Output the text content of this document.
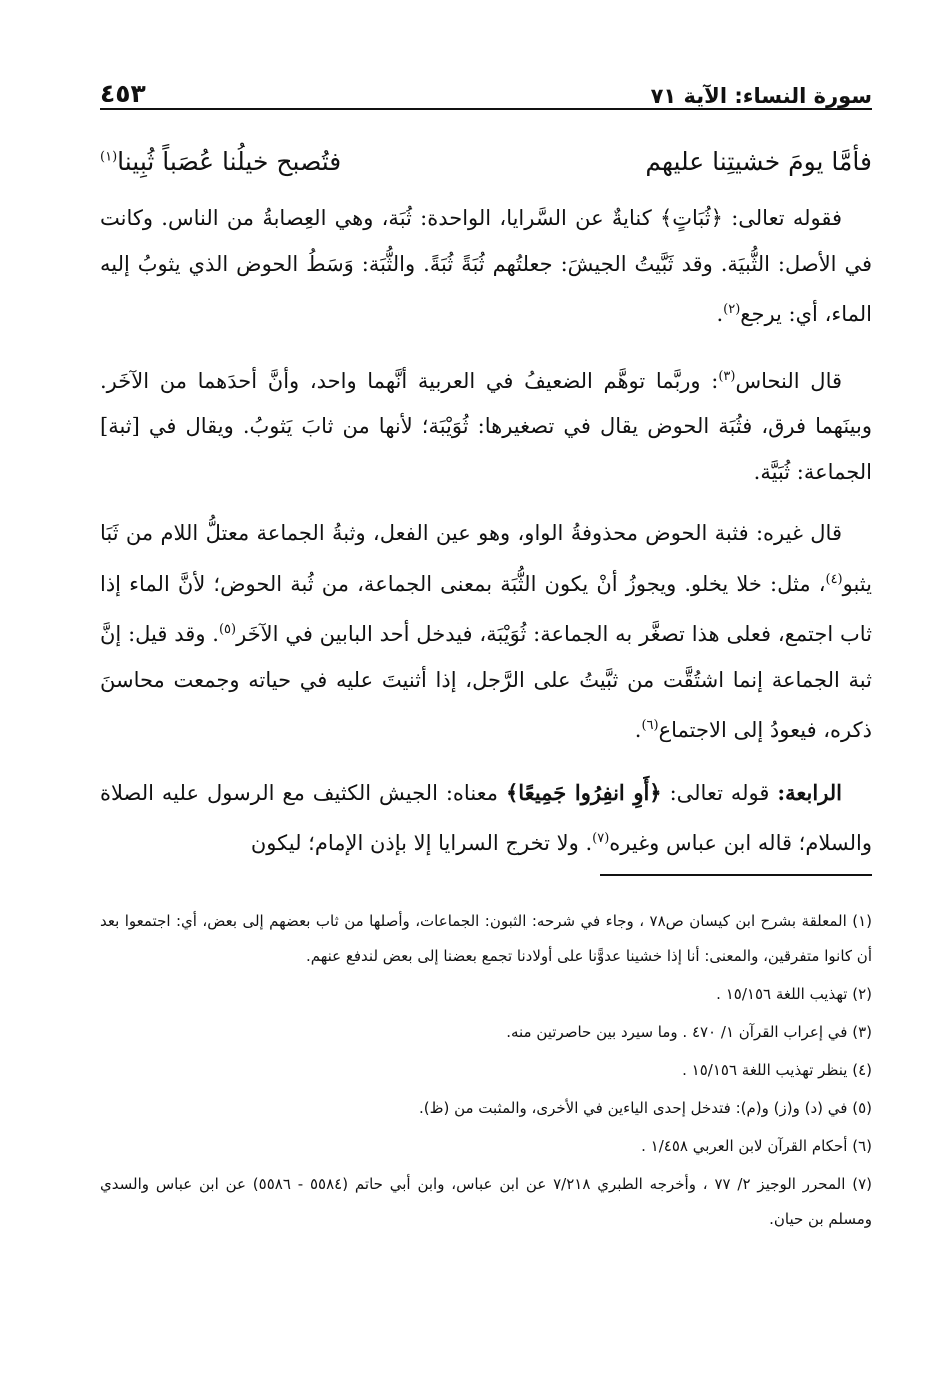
٤٥٣	سورة النساء: الآية ٧١
فأمَّا يومَ خشيتِنا عليهم
فتُصبح خيلُنا عُصَباً ثُبِينا$^{(١)}$

فقوله تعالى: ﴿ثُبَاتٍ﴾ كنايةٌ عن السَّرايا، الواحدة: ثُبَة، وهي العِصابةُ من الناس. وكانت في الأصل: الثُّبيَة. وقد ثَبَّيتُ الجيشَ: جعلتُهم ثُبَةً ثُبَةً. والثُّبَة: وَسَطُ الحوض الذي يثوبُ إليه الماء، أي: يرجع$^{(٢)}$.

قال النحاس$^{(٣)}$: وربَّما توهَّم الضعيفُ في العربية أنَّهما واحد، وأنَّ أحدَهما من الآخَر. وبينَهما فرق، فثُبَة الحوض يقال في تصغيرها: ثُوَيْبَة؛ لأنها من ثابَ يَثوبُ. ويقال في [ثبة] الجماعة: ثُبَيَّة.

قال غيره: فثبة الحوض محذوفةُ الواو، وهو عين الفعل، وثبةُ الجماعة معتلُّ اللام من ثَبَا يثبو$^{(٤)}$، مثل: خلا يخلو. ويجوزُ أنْ يكون الثُّبَة بمعنى الجماعة، من ثُبة الحوض؛ لأنَّ الماء إذا ثاب اجتمع، فعلى هذا تصغَّر به الجماعة: ثُوَيْبَة، فيدخل أحد البابين في الآخَر$^{(٥)}$. وقد قيل: إنَّ ثبة الجماعة إنما اشتُقَّت من ثبَّيتُ على الرَّجل، إذا أثنيتَ عليه في حياته وجمعت محاسنَ ذكره، فيعودُ إلى الاجتماع$^{(٦)}$.

الرابعة: قوله تعالى: ﴿أَوِ انفِرُوا جَمِيعًا﴾ معناه: الجيش الكثيف مع الرسول عليه الصلاة والسلام؛ قاله ابن عباس وغيره$^{(٧)}$. ولا تخرج السرايا إلا بإذن الإمام؛ ليكون

(١) المعلقة بشرح ابن كيسان ص٧٨ ، وجاء في شرحه: الثبون: الجماعات، وأصلها من ثاب بعضهم إلى بعض، أي: اجتمعوا بعد أن كانوا متفرقين، والمعنى: أنا إذا خشينا عدوًّنا على أولادنا تجمع بعضنا إلى بعض لندفع عنهم.
(٢) تهذيب اللغة ١٥/١٥٦ .
(٣) في إعراب القرآن ١/ ٤٧٠ . وما سيرد بين حاصرتين منه.
(٤) ينظر تهذيب اللغة ١٥/١٥٦ .
(٥) في (د) و(ز) و(م): فتدخل إحدى الياءين في الأخرى، والمثبت من (ظ).
(٦) أحكام القرآن لابن العربي ١/٤٥٨ .
(٧) المحرر الوجيز ٢/ ٧٧ ، وأخرجه الطبري ٧/٢١٨ عن ابن عباس، وابن أبي حاتم (٥٥٨٤ - ٥٥٨٦) عن ابن عباس والسدي ومسلم بن حيان.
